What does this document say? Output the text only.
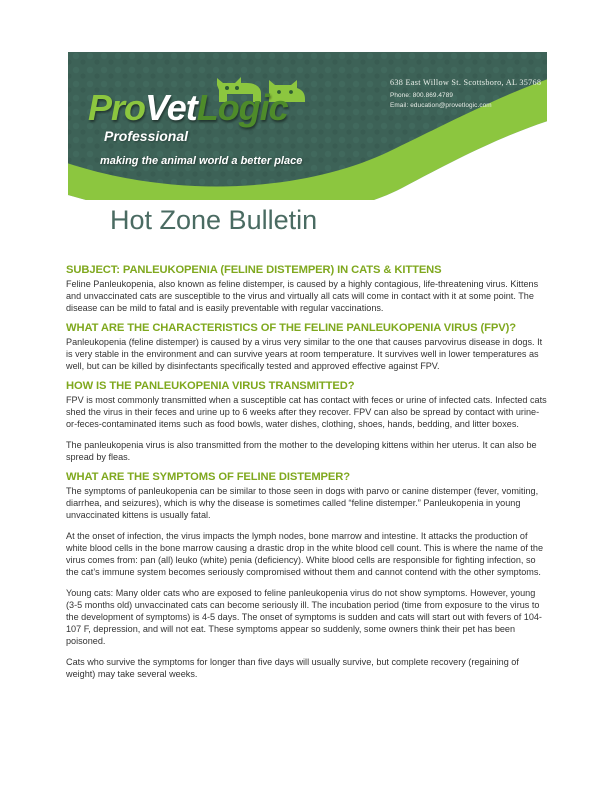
ProVetLogic
Professional
making the animal world a better place
638 East Willow St. Scottsboro, AL 35768
Phone: 800.869.4789
Email: education@provetlogic.com
Hot Zone Bulletin
SUBJECT: PANLEUKOPENIA (FELINE DISTEMPER) IN CATS & KITTENS

Feline Panleukopenia, also known as feline distemper, is caused by a highly contagious, life-threatening virus. Kittens and unvaccinated cats are susceptible to the virus and virtually all cats will come in contact with it at some point. The disease can be mild to fatal and is easily preventable with regular vaccinations.

WHAT ARE THE CHARACTERISTICS OF THE FELINE PANLEUKOPENIA VIRUS (FPV)?

Panleukopenia (feline distemper) is caused by a virus very similar to the one that causes parvovirus disease in dogs. It is very stable in the environment and can survive years at room temperature. It survives well in lower temperatures as well, but can be killed by disinfectants specifically tested and approved effective against FPV.

HOW IS THE PANLEUKOPENIA VIRUS TRANSMITTED?

FPV is most commonly transmitted when a susceptible cat has contact with feces or urine of infected cats. Infected cats shed the virus in their feces and urine up to 6 weeks after they recover. FPV can also be spread by contact with urine-or-feces-contaminated items such as food bowls, water dishes, clothing, shoes, hands, bedding, and litter boxes.

The panleukopenia virus is also transmitted from the mother to the developing kittens within her uterus. It can also be spread by fleas.

WHAT ARE THE SYMPTOMS OF FELINE DISTEMPER?

The symptoms of panleukopenia can be similar to those seen in dogs with parvo or canine distemper (fever, vomiting, diarrhea, and seizures), which is why the disease is sometimes called “feline distemper.” Panleukopenia in young unvaccinated kittens is usually fatal.

At the onset of infection, the virus impacts the lymph nodes, bone marrow and intestine. It attacks the production of white blood cells in the bone marrow causing a drastic drop in the white blood cell count. This is where the name of the virus comes from: pan (all) leuko (white) penia (deficiency). White blood cells are responsible for fighting infection, so the cat’s immune system becomes seriously compromised without them and cannot contend with the other symptoms.

Young cats: Many older cats who are exposed to feline panleukopenia virus do not show symptoms. However, young (3-5 months old) unvaccinated cats can become seriously ill. The incubation period (time from exposure to the virus to the development of symptoms) is 4-5 days. The onset of symptoms is sudden and cats will start out with fevers of 104-107 F, depression, and will not eat. These symptoms appear so suddenly, some owners think their pet has been poisoned.

Cats who survive the symptoms for longer than five days will usually survive, but complete recovery (regaining of weight) may take several weeks.
